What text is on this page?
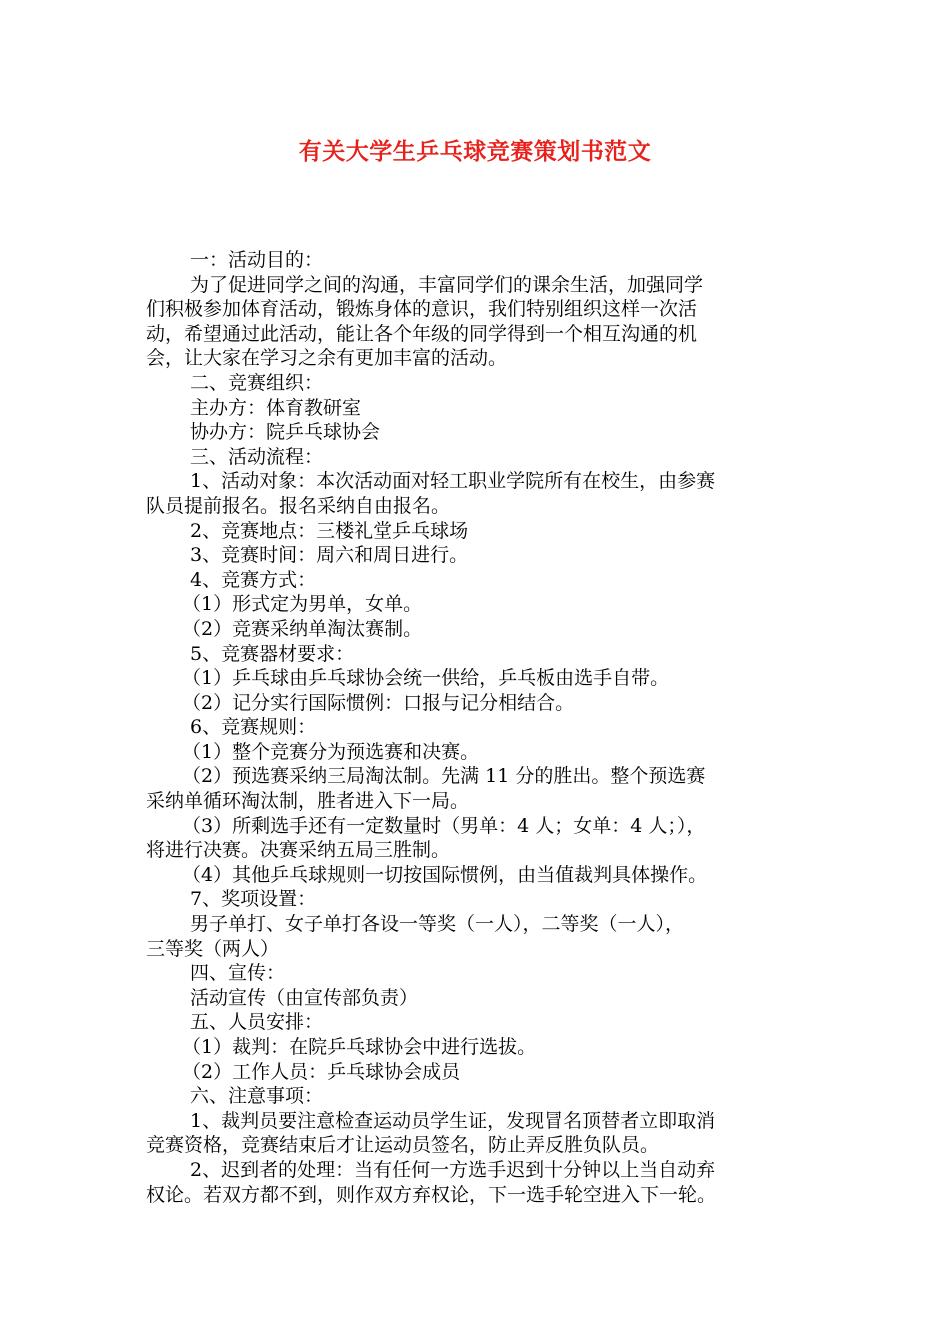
有关大学生乒乓球竞赛策划书范文
一：活动目的：
为了促进同学之间的沟通，丰富同学们的课余生活，加强同学
们积极参加体育活动，锻炼身体的意识，我们特别组织这样一次活
动，希望通过此活动，能让各个年级的同学得到一个相互沟通的机
会，让大家在学习之余有更加丰富的活动。
二、竞赛组织：
主办方：体育教研室
协办方：院乒乓球协会
三、活动流程：
1、活动对象：本次活动面对轻工职业学院所有在校生，由参赛
队员提前报名。报名采纳自由报名。
2、竞赛地点：三楼礼堂乒乓球场
3、竞赛时间：周六和周日进行。
4、竞赛方式：
（1）形式定为男单，女单。
（2）竞赛采纳单淘汰赛制。
5、竞赛器材要求：
（1）乒乓球由乒乓球协会统一供给，乒乓板由选手自带。
（2）记分实行国际惯例：口报与记分相结合。
6、竞赛规则：
（1）整个竞赛分为预选赛和决赛。
（2）预选赛采纳三局淘汰制。先满 11 分的胜出。整个预选赛
采纳单循环淘汰制，胜者进入下一局。
（3）所剩选手还有一定数量时（男单：4 人；女单：4 人；），
将进行决赛。决赛采纳五局三胜制。
（4）其他乒乓球规则一切按国际惯例，由当值裁判具体操作。
7、奖项设置：
男子单打、女子单打各设一等奖（一人），二等奖（一人），
三等奖（两人）
四、宣传：
活动宣传（由宣传部负责）
五、人员安排：
（1）裁判：在院乒乓球协会中进行选拔。
（2）工作人员：乒乓球协会成员
六、注意事项：
1、裁判员要注意检查运动员学生证，发现冒名顶替者立即取消
竞赛资格，竞赛结束后才让运动员签名，防止弄反胜负队员。
2、迟到者的处理：当有任何一方选手迟到十分钟以上当自动弃
权论。若双方都不到，则作双方弃权论，下一选手轮空进入下一轮。
